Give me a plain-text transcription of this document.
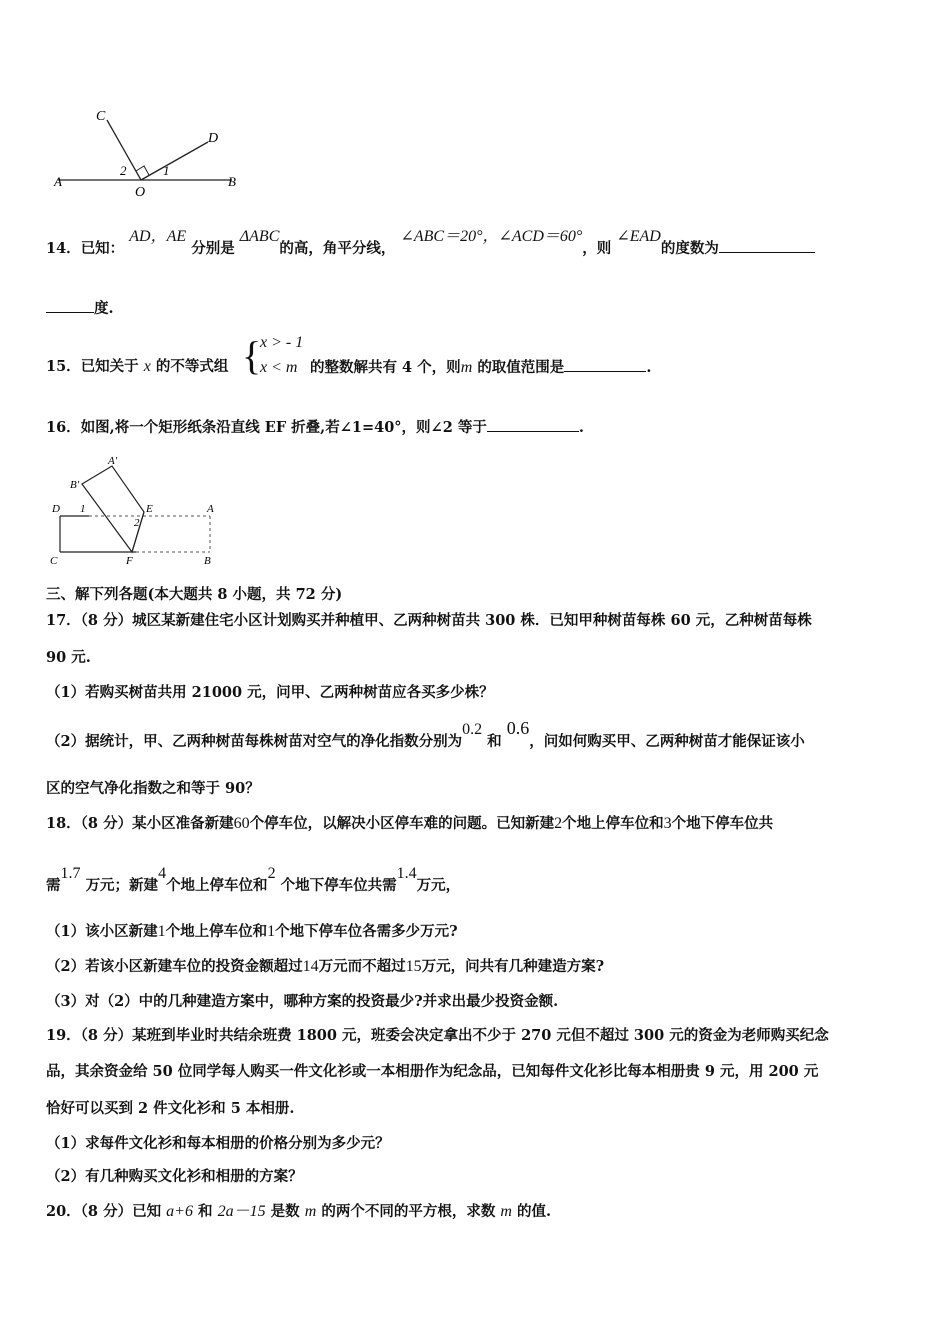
C
D
A	B
O
2	1
14．已知： AD，AE 分别是 ΔABC的高，角平分线， ∠ABC＝20°，∠ACD＝60°，则 ∠EAD的度数为
度.
15．已知关于 x 的不等式组 {
x > - 1
x < m 的整数解共有 4 个，则m 的取值范围是	.
16．如图,将一个矩形纸条沿直线 EF 折叠,若∠1=40°，则∠2 等于	.
A′
B′
D 1	E
2
A
C	F	B
三、解下列各题(本大题共 8 小题，共 72 分)
17．（8 分）城区某新建住宅小区计划购买并种植甲、乙两种树苗共 300 株．已知甲种树苗每株 60 元，乙种树苗每株
90 元.
（1）若购买树苗共用 21000 元，问甲、乙两种树苗应各买多少株？
（2）据统计，甲、乙两种树苗每株树苗对空气的净化指数分别为0.2 和 0.6，问如何购买甲、乙两种树苗才能保证该小
区的空气净化指数之和等于 90？
18．（8 分）某小区准备新建60个停车位，以解决小区停车难的问题。已知新建2个地上停车位和3个地下停车位共
需1.7 万元；新建4个地上停车位和2 个地下停车位共需1.4万元，
（1）该小区新建1个地上停车位和1个地下停车位各需多少万元?
（2）若该小区新建车位的投资金额超过14万元而不超过15万元，问共有几种建造方案?
（3）对（2）中的几种建造方案中，哪种方案的投资最少?并求出最少投资金额.
19．（8 分）某班到毕业时共结余班费 1800 元，班委会决定拿出不少于 270 元但不超过 300 元的资金为老师购买纪念
品，其余资金给 50 位同学每人购买一件文化衫或一本相册作为纪念品，已知每件文化衫比每本相册贵 9 元，用 200 元
恰好可以买到 2 件文化衫和 5 本相册.
（1）求每件文化衫和每本相册的价格分别为多少元？
（2）有几种购买文化衫和相册的方案？
20．（8 分）已知 a+6 和 2a－15 是数 m 的两个不同的平方根，求数 m 的值.
